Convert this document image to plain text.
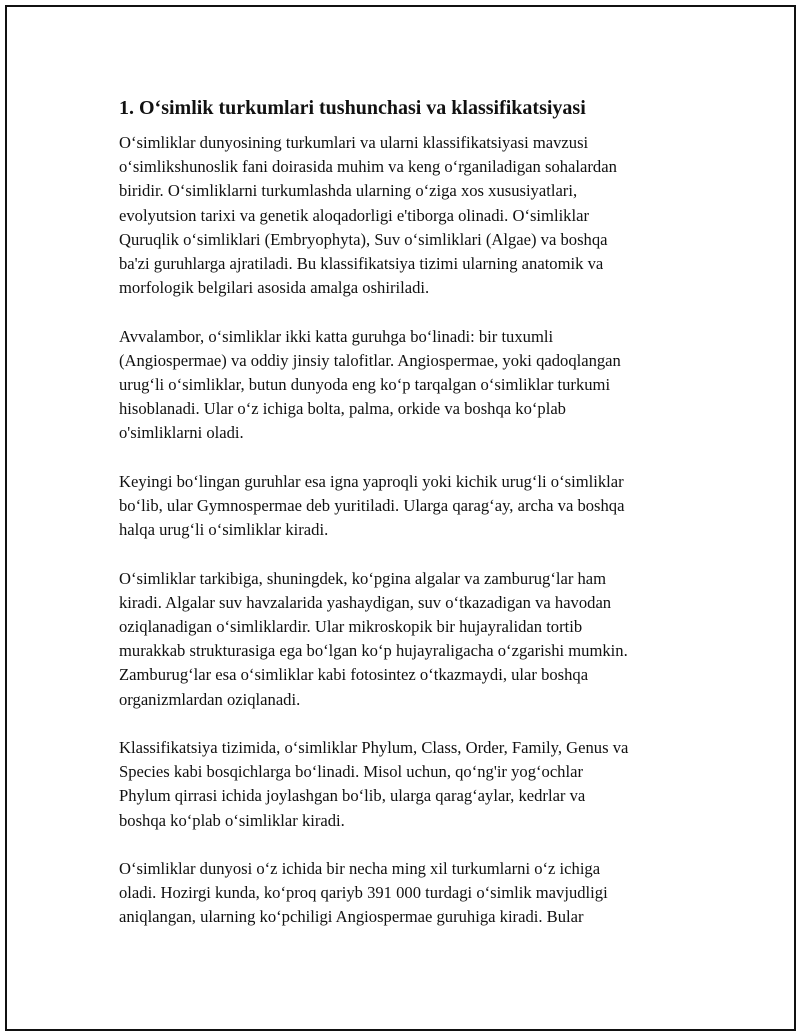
1. O‘simlik turkumlari tushunchasi va klassifikatsiyasi

O‘simliklar dunyosining turkumlari va ularni klassifikatsiyasi mavzusi
o‘simlikshunoslik fani doirasida muhim va keng o‘rganiladigan sohalardan
biridir. O‘simliklarni turkumlashda ularning o‘ziga xos xususiyatlari,
evolyutsion tarixi va genetik aloqadorligi e'tiborga olinadi. O‘simliklar
Quruqlik o‘simliklari (Embryophyta), Suv o‘simliklari (Algae) va boshqa
ba'zi guruhlarga ajratiladi. Bu klassifikatsiya tizimi ularning anatomik va
morfologik belgilari asosida amalga oshiriladi.

Avvalambor, o‘simliklar ikki katta guruhga bo‘linadi: bir tuxumli
(Angiospermae) va oddiy jinsiy talofitlar. Angiospermae, yoki qadoqlangan
urug‘li o‘simliklar, butun dunyoda eng ko‘p tarqalgan o‘simliklar turkumi
hisoblanadi. Ular o‘z ichiga bolta, palma, orkide va boshqa ko‘plab
o'simliklarni oladi.

Keyingi bo‘lingan guruhlar esa igna yaproqli yoki kichik urug‘li o‘simliklar
bo‘lib, ular Gymnospermae deb yuritiladi. Ularga qarag‘ay, archa va boshqa
halqa urug‘li o‘simliklar kiradi.

O‘simliklar tarkibiga, shuningdek, ko‘pgina algalar va zamburug‘lar ham
kiradi. Algalar suv havzalarida yashaydigan, suv o‘tkazadigan va havodan
oziqlanadigan o‘simliklardir. Ular mikroskopik bir hujayralidan tortib
murakkab strukturasiga ega bo‘lgan ko‘p hujayraligacha o‘zgarishi mumkin.
Zamburug‘lar esa o‘simliklar kabi fotosintez o‘tkazmaydi, ular boshqa
organizmlardan oziqlanadi.

Klassifikatsiya tizimida, o‘simliklar Phylum, Class, Order, Family, Genus va
Species kabi bosqichlarga bo‘linadi. Misol uchun, qo‘ng'ir yog‘ochlar
Phylum qirrasi ichida joylashgan bo‘lib, ularga qarag‘aylar, kedrlar va
boshqa ko‘plab o‘simliklar kiradi.

O‘simliklar dunyosi o‘z ichida bir necha ming xil turkumlarni o‘z ichiga
oladi. Hozirgi kunda, ko‘proq qariyb 391 000 turdagi o‘simlik mavjudligi
aniqlangan, ularning ko‘pchiligi Angiospermae guruhiga kiradi. Bular
